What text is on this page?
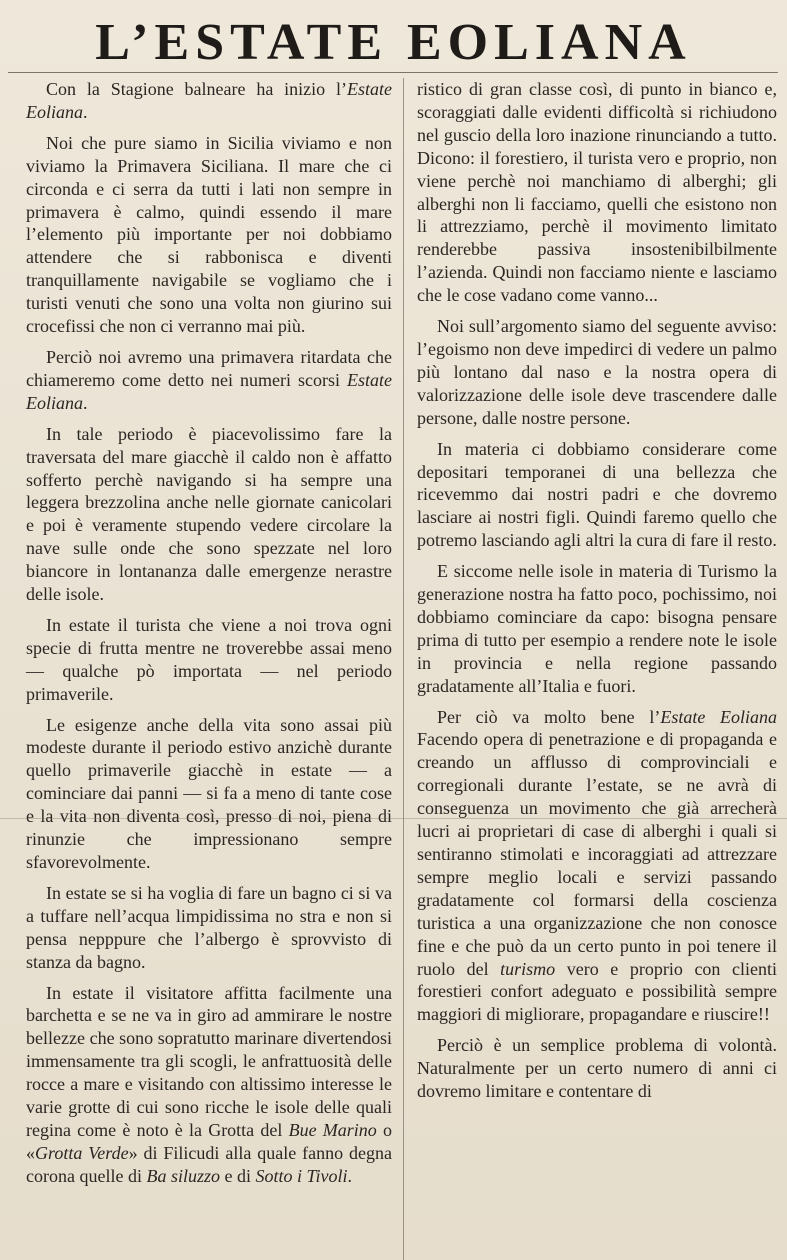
L’ESTATE EOLIANA

Con la Stagione balneare ha inizio l’Estate Eoliana.

Noi che pure siamo in Sicilia viviamo e non viviamo la Primavera Siciliana. Il mare che ci circonda e ci serra da tutti i lati non sempre in primavera è calmo, quindi essendo il mare l’elemento più importante per noi dobbiamo attendere che si rabbonisca e diventi tranquillamente navigabile se vogliamo che i turisti venuti che sono una volta non giurino sui crocefissi che non ci verranno mai più.

Perciò noi avremo una primavera ritardata che chiameremo come detto nei numeri scorsi Estate Eoliana.

In tale periodo è piacevolissimo fare la traversata del mare giacchè il caldo non è affatto sofferto perchè navigando si ha sempre una leggera brezzolina anche nelle giornate canicolari e poi è veramente stupendo vedere circolare la nave sulle onde che sono spezzate nel loro biancore in lontananza dalle emergenze nerastre delle isole.

In estate il turista che viene a noi trova ogni specie di frutta mentre ne troverebbe assai meno — qualche pò importata — nel periodo primaverile.

Le esigenze anche della vita sono assai più modeste durante il periodo estivo anzichè durante quello primaverile giacchè in estate — a cominciare dai panni — si fa a meno di tante cose e la vita non diventa così, presso di noi, piena di rinunzie che impressionano sempre sfavorevolmente.

In estate se si ha voglia di fare un bagno ci si va a tuffare nell’acqua limpidissima no stra e non si pensa nepppure che l’albergo è sprovvisto di stanza da bagno.

In estate il visitatore affitta facilmente una barchetta e se ne va in giro ad ammirare le nostre bellezze che sono sopratutto marinare divertendosi immensamente tra gli scogli, le anfrattuosità delle rocce a mare e visitando con altissimo interesse le varie grotte di cui sono ricche le isole delle quali regina come è noto è la Grotta del Bue Marino o «Grotta Verde» di Filicudi alla quale fanno degna corona quelle di Ba siluzzo e di Sotto i Tivoli.

ristico di gran classe così, di punto in bianco e, scoraggiati dalle evidenti difficoltà si richiudono nel guscio della loro inazione rinunciando a tutto. Dicono: il forestiero, il turista vero e proprio, non viene perchè noi manchiamo di alberghi; gli alberghi non li facciamo, quelli che esistono non li attrezziamo, perchè il movimento limitato renderebbe passiva insostenibilbilmente l’azienda. Quindi non facciamo niente e lasciamo che le cose vadano come vanno...

Noi sull’argomento siamo del seguente avviso: l’egoismo non deve impedirci di vedere un palmo più lontano dal naso e la nostra opera di valorizzazione delle isole deve trascendere dalle persone, dalle nostre persone.

In materia ci dobbiamo considerare come depositari temporanei di una bellezza che ricevemmo dai nostri padri e che dovremo lasciare ai nostri figli. Quindi faremo quello che potremo lasciando agli altri la cura di fare il resto.

E siccome nelle isole in materia di Turismo la generazione nostra ha fatto poco, pochissimo, noi dobbiamo cominciare da capo: bisogna pensare prima di tutto per esempio a rendere note le isole in provincia e nella regione passando gradatamente all’Italia e fuori.

Per ciò va molto bene l’Estate Eoliana Facendo opera di penetrazione e di propaganda e creando un afflusso di comprovinciali e corregionali durante l’estate, se ne avrà di conseguenza un movimento che già arrecherà lucri ai proprietari di case di alberghi i quali si sentiranno stimolati e incoraggiati ad attrezzare sempre meglio locali e servizi passando gradatamente col formarsi della coscienza turistica a una organizzazione che non conosce fine e che può da un certo punto in poi tenere il ruolo del turismo vero e proprio con clienti forestieri confort adeguato e possibilità sempre maggiori di migliorare, propagandare e riuscire!!

Perciò è un semplice problema di volontà. Naturalmente per un certo numero di anni ci dovremo limitare e contentare di
